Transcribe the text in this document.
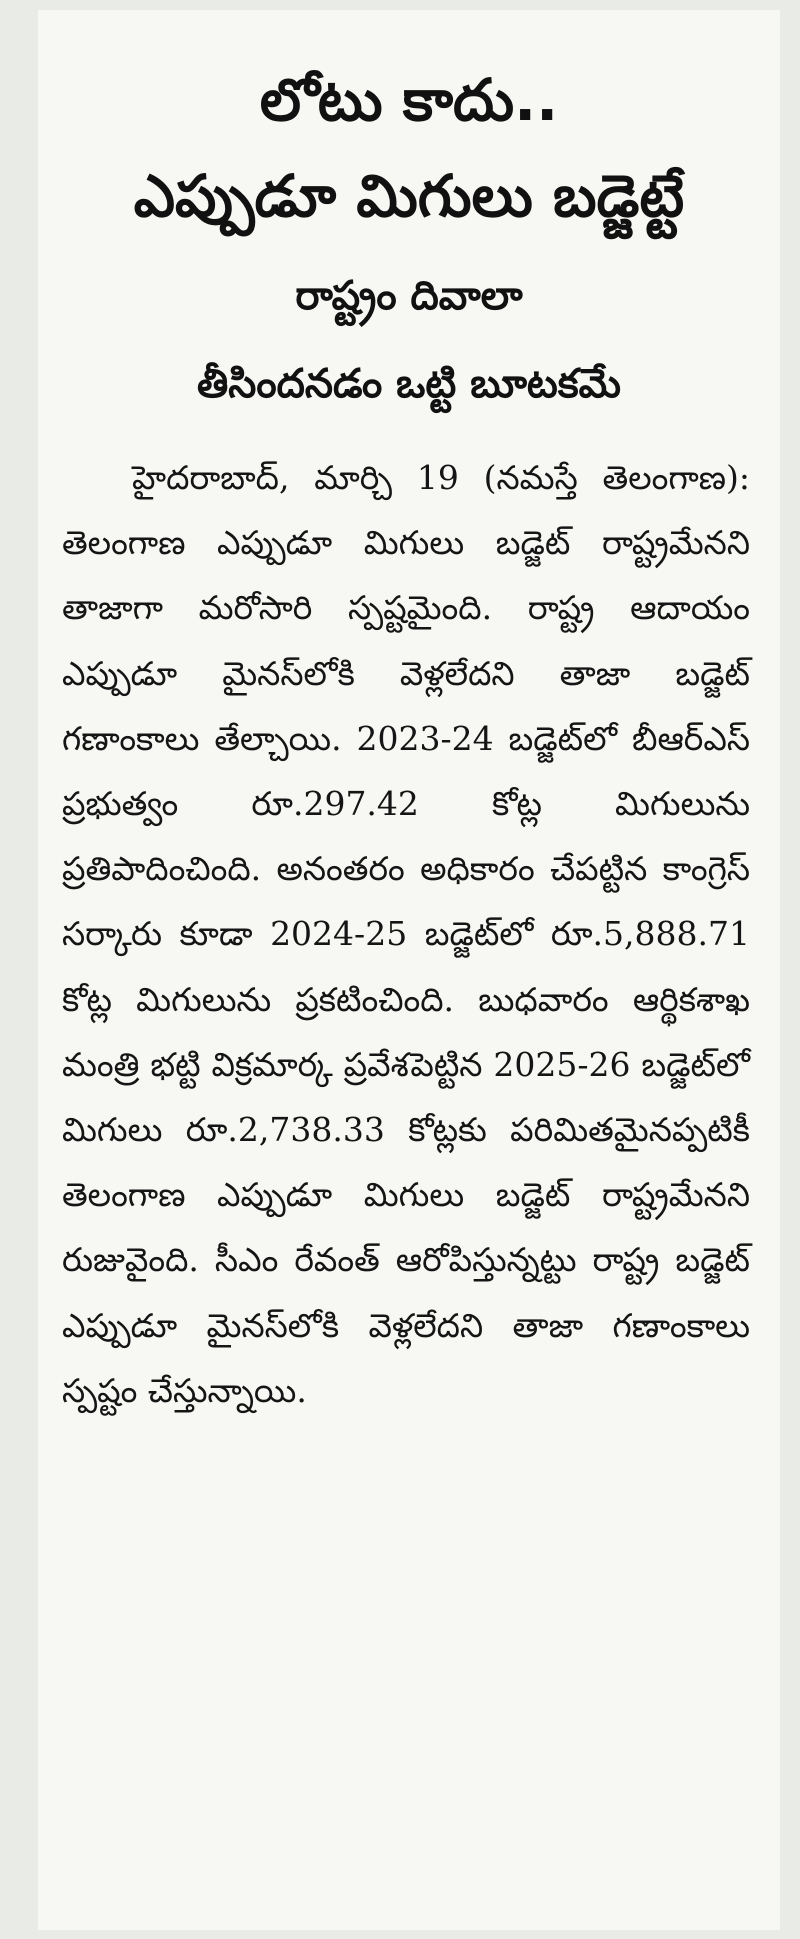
లోటు కాదు..
ఎప్పుడూ మిగులు బడ్జెట్టే
రాష్ట్రం దివాలా
తీసిందనడం ఒట్టి బూటకమే

హైదరాబాద్, మార్చి 19 (నమస్తే తెలంగాణ): తెలంగాణ ఎప్పుడూ మిగులు బడ్జెట్ రాష్ట్రమేనని తాజాగా మరోసారి స్పష్టమైంది. రాష్ట్ర ఆదాయం ఎప్పుడూ మైనస్‌లోకి వెళ్లలేదని తాజా బడ్జెట్ గణాంకాలు తేల్చాయి. 2023-24 బడ్జెట్‌లో బీఆర్‌ఎస్ ప్రభుత్వం రూ.297.42 కోట్ల మిగులును ప్రతిపాదించింది. అనంతరం అధికారం చేపట్టిన కాంగ్రెస్ సర్కారు కూడా 2024-25 బడ్జెట్‌లో రూ.5,888.71 కోట్ల మిగులును ప్రకటించింది. బుధవారం ఆర్థికశాఖ మంత్రి భట్టి విక్రమార్క ప్రవేశపెట్టిన 2025-26 బడ్జెట్‌లో మిగులు రూ.2,738.33 కోట్లకు పరిమితమైనప్పటికీ తెలంగాణ ఎప్పుడూ మిగులు బడ్జెట్ రాష్ట్రమేనని రుజువైంది. సీఎం రేవంత్ ఆరోపిస్తున్నట్టు రాష్ట్ర బడ్జెట్ ఎప్పుడూ మైనస్‌లోకి వెళ్లలేదని తాజా గణాంకాలు స్పష్టం చేస్తున్నాయి.
